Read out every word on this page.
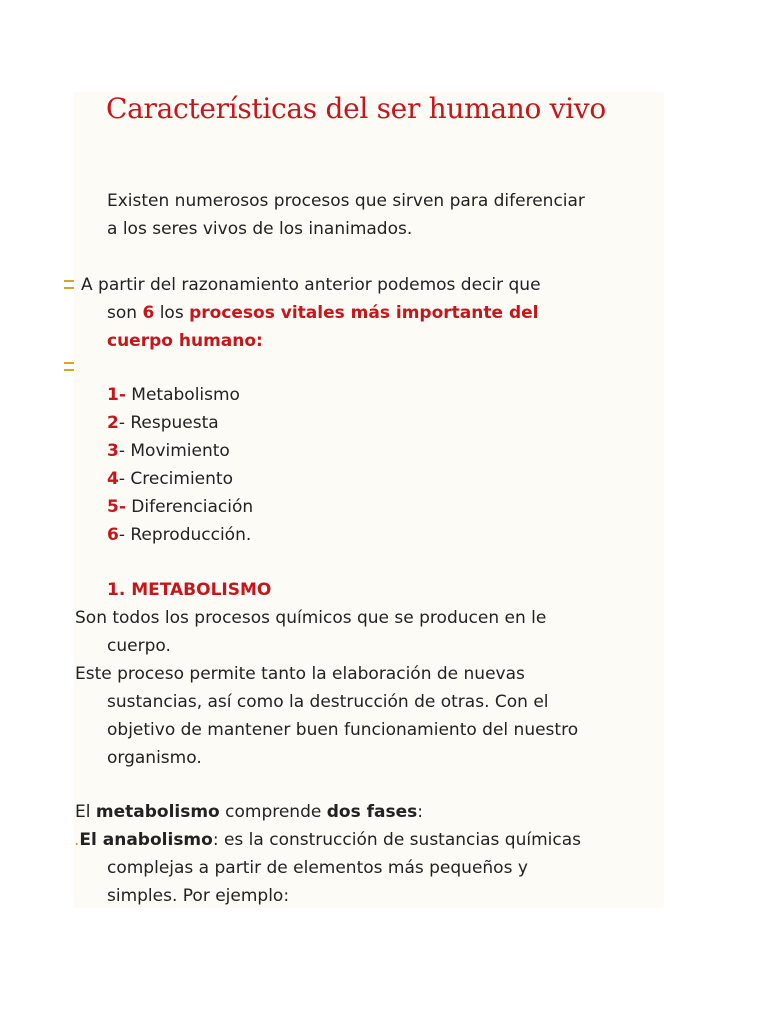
Características del ser humano vivo
Existen numerosos procesos que sirven para diferenciar
a los seres vivos de los inanimados.
A partir del razonamiento anterior podemos decir que
son 6 los procesos vitales más importante del
cuerpo humano:
1- Metabolismo
2- Respuesta
3- Movimiento
4- Crecimiento
5- Diferenciación
6- Reproducción.
1. METABOLISMO
Son todos los procesos químicos que se producen en le
cuerpo.
Este proceso permite tanto la elaboración de nuevas
sustancias, así como la destrucción de otras. Con el
objetivo de mantener buen funcionamiento del nuestro
organismo.
El metabolismo comprende dos fases:
.El anabolismo: es la construcción de sustancias químicas
complejas a partir de elementos más pequeños y
simples. Por ejemplo:
